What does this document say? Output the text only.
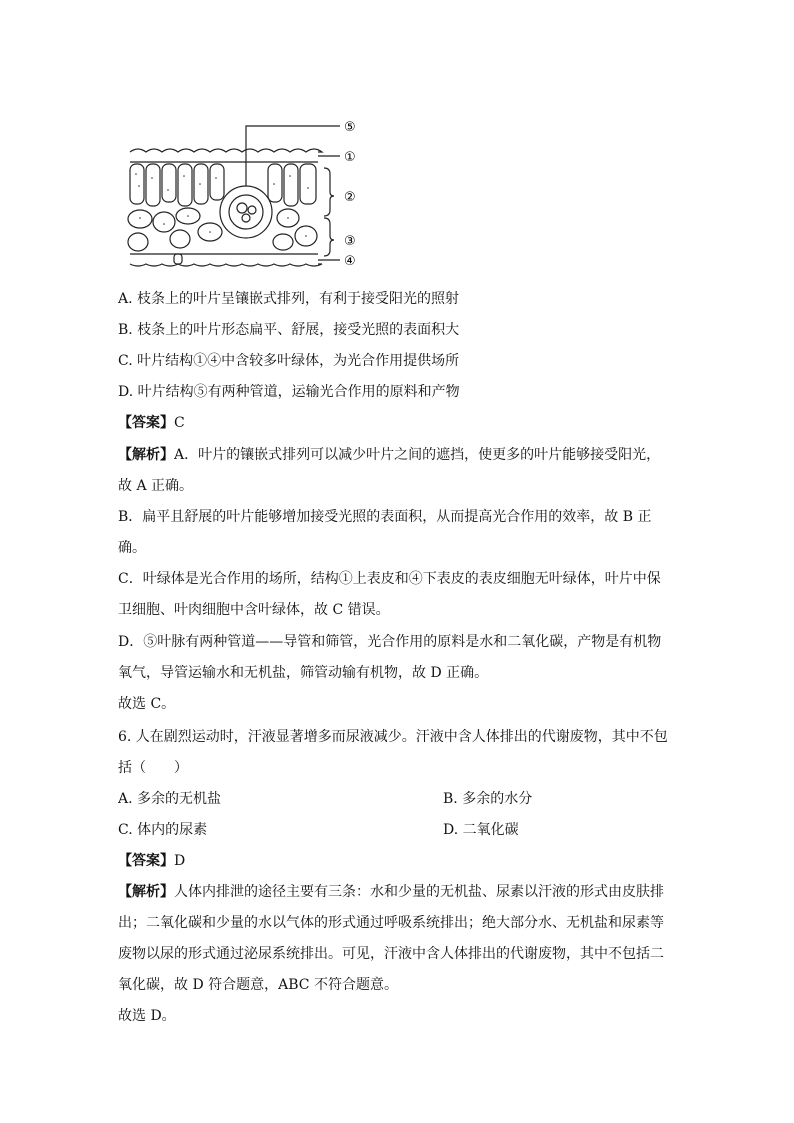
⑤
①
②
③
④
A. 枝条上的叶片呈镶嵌式排列，有利于接受阳光的照射
B. 枝条上的叶片形态扁平、舒展，接受光照的表面积大
C. 叶片结构①④中含较多叶绿体，为光合作用提供场所
D. 叶片结构⑤有两种管道，运输光合作用的原料和产物
【答案】C
【解析】A．叶片的镶嵌式排列可以减少叶片之间的遮挡，使更多的叶片能够接受阳光，
故 A 正确。
B．扁平且舒展的叶片能够增加接受光照的表面积，从而提高光合作用的效率，故 B 正
确。
C．叶绿体是光合作用的场所，结构①上表皮和④下表皮的表皮细胞无叶绿体，叶片中保
卫细胞、叶肉细胞中含叶绿体，故 C 错误。
D．⑤叶脉有两种管道——导管和筛管，光合作用的原料是水和二氧化碳，产物是有机物
氧气，导管运输水和无机盐，筛管动输有机物，故 D 正确。
故选 C。
6. 人在剧烈运动时，汗液显著增多而尿液减少。汗液中含人体排出的代谢废物，其中不包
括（　　）
A. 多余的无机盐	B. 多余的水分
C. 体内的尿素	D. 二氧化碳
【答案】D
【解析】人体内排泄的途径主要有三条：水和少量的无机盐、尿素以汗液的形式由皮肤排
出；二氧化碳和少量的水以气体的形式通过呼吸系统排出；绝大部分水、无机盐和尿素等
废物以尿的形式通过泌尿系统排出。可见，汗液中含人体排出的代谢废物，其中不包括二
氧化碳，故 D 符合题意，ABC 不符合题意。
故选 D。
